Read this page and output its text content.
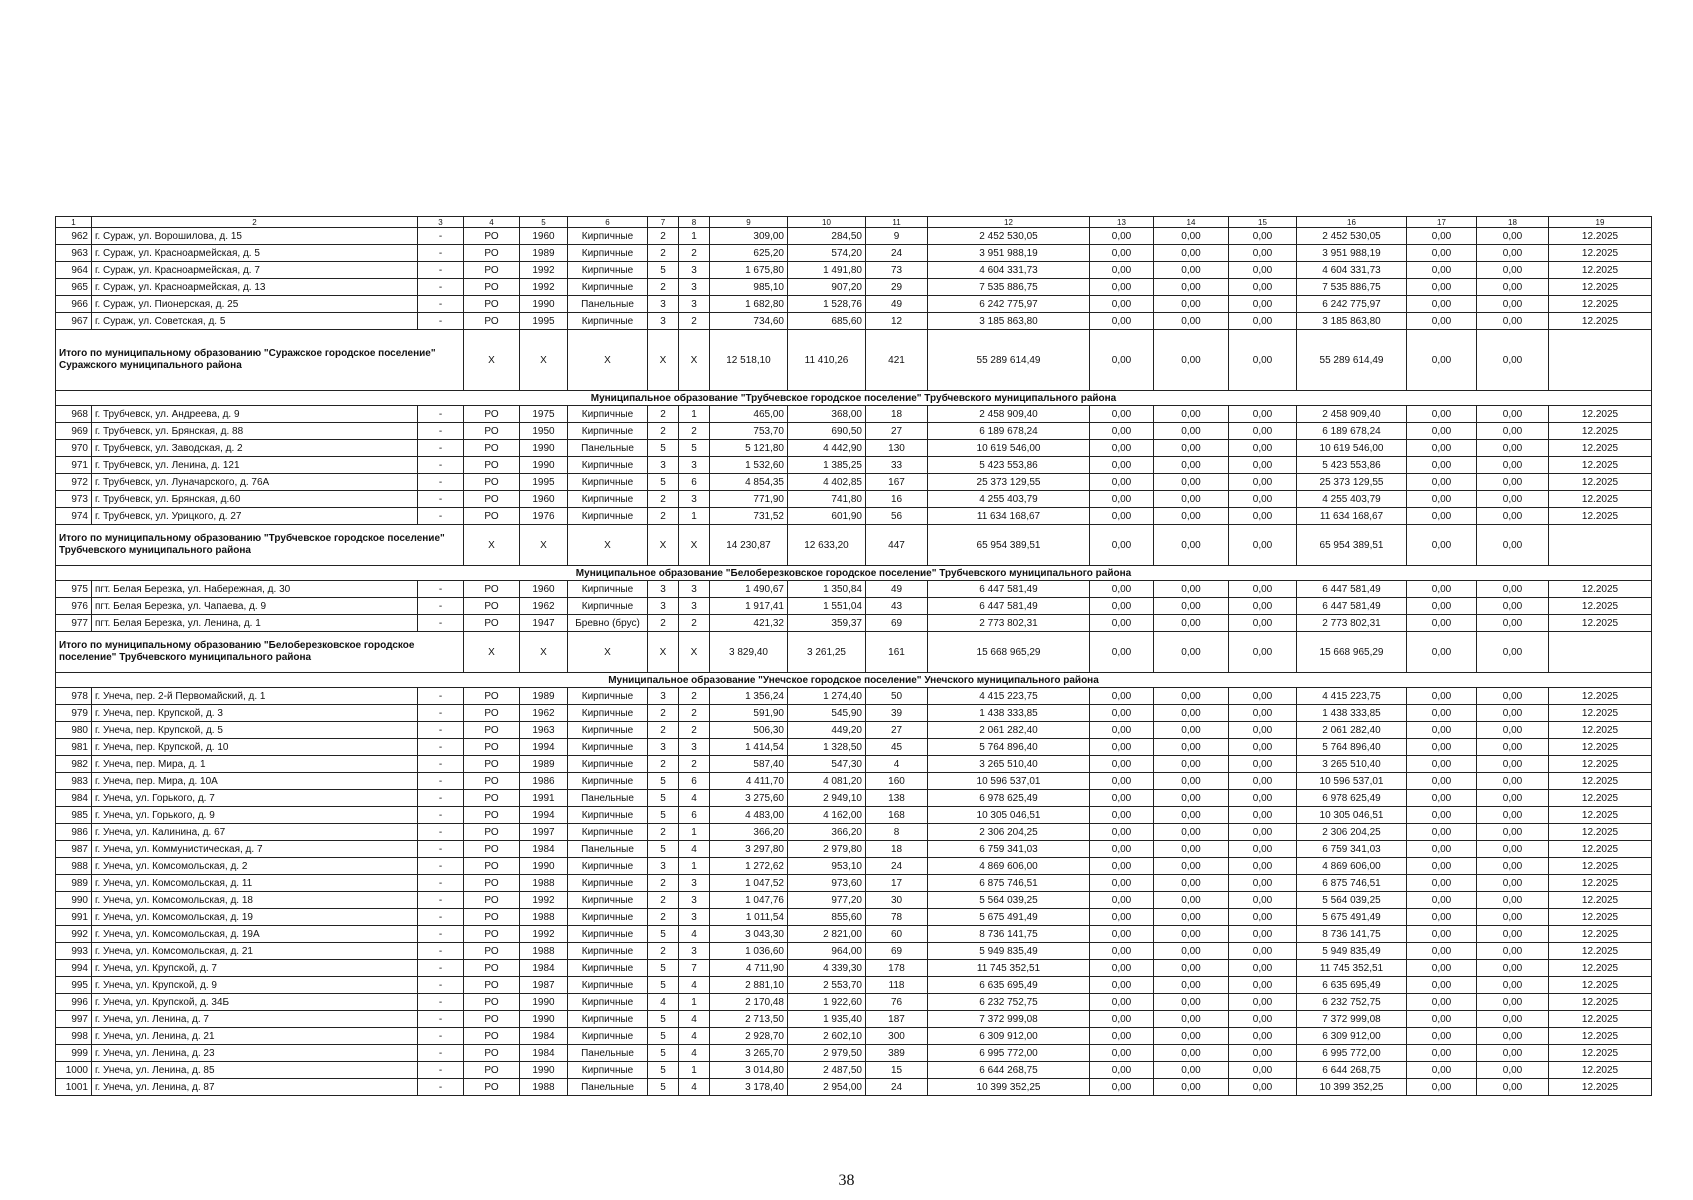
1	2	3	4	5	6	7	8	9	10	11	12	13	14	15	16	17	18	19
962	г. Сураж, ул. Ворошилова, д. 15	-	РО	1960	Кирпичные	2	1	309,00	284,50	9	2 452 530,05	0,00	0,00	0,00	2 452 530,05	0,00	0,00	12.2025
963	г. Сураж, ул. Красноармейская, д. 5	-	РО	1989	Кирпичные	2	2	625,20	574,20	24	3 951 988,19	0,00	0,00	0,00	3 951 988,19	0,00	0,00	12.2025
964	г. Сураж, ул. Красноармейская, д. 7	-	РО	1992	Кирпичные	5	3	1 675,80	1 491,80	73	4 604 331,73	0,00	0,00	0,00	4 604 331,73	0,00	0,00	12.2025
965	г. Сураж, ул. Красноармейская, д. 13	-	РО	1992	Кирпичные	2	3	985,10	907,20	29	7 535 886,75	0,00	0,00	0,00	7 535 886,75	0,00	0,00	12.2025
966	г. Сураж, ул. Пионерская, д. 25	-	РО	1990	Панельные	3	3	1 682,80	1 528,76	49	6 242 775,97	0,00	0,00	0,00	6 242 775,97	0,00	0,00	12.2025
967	г. Сураж, ул. Советская, д. 5	-	РО	1995	Кирпичные	3	2	734,60	685,60	12	3 185 863,80	0,00	0,00	0,00	3 185 863,80	0,00	0,00	12.2025
Итого по муниципальному образованию "Суражское городское поселение" Суражского муниципального района			X	X	X	X	X	12 518,10	11 410,26	421	55 289 614,49	0,00	0,00	0,00	55 289 614,49	0,00	0,00	
Муниципальное образование "Трубчевское городское поселение" Трубчевского муниципального района																		
968	г. Трубчевск, ул. Андреева, д. 9	-	РО	1975	Кирпичные	2	1	465,00	368,00	18	2 458 909,40	0,00	0,00	0,00	2 458 909,40	0,00	0,00	12.2025
969	г. Трубчевск, ул. Брянская, д. 88	-	РО	1950	Кирпичные	2	2	753,70	690,50	27	6 189 678,24	0,00	0,00	0,00	6 189 678,24	0,00	0,00	12.2025
970	г. Трубчевск, ул. Заводская, д. 2	-	РО	1990	Панельные	5	5	5 121,80	4 442,90	130	10 619 546,00	0,00	0,00	0,00	10 619 546,00	0,00	0,00	12.2025
971	г. Трубчевск, ул. Ленина, д. 121	-	РО	1990	Кирпичные	3	3	1 532,60	1 385,25	33	5 423 553,86	0,00	0,00	0,00	5 423 553,86	0,00	0,00	12.2025
972	г. Трубчевск, ул. Луначарского, д. 76А	-	РО	1995	Кирпичные	5	6	4 854,35	4 402,85	167	25 373 129,55	0,00	0,00	0,00	25 373 129,55	0,00	0,00	12.2025
973	г. Трубчевск, ул. Брянская, д.60	-	РО	1960	Кирпичные	2	3	771,90	741,80	16	4 255 403,79	0,00	0,00	0,00	4 255 403,79	0,00	0,00	12.2025
974	г. Трубчевск, ул. Урицкого, д. 27	-	РО	1976	Кирпичные	2	1	731,52	601,90	56	11 634 168,67	0,00	0,00	0,00	11 634 168,67	0,00	0,00	12.2025
Итого по муниципальному образованию "Трубчевское городское поселение" Трубчевского муниципального района			X	X	X	X	X	14 230,87	12 633,20	447	65 954 389,51	0,00	0,00	0,00	65 954 389,51	0,00	0,00	
Муниципальное образование "Белоберезковское городское поселение" Трубчевского муниципального района																		
975	пгт. Белая Березка, ул. Набережная, д. 30	-	РО	1960	Кирпичные	3	3	1 490,67	1 350,84	49	6 447 581,49	0,00	0,00	0,00	6 447 581,49	0,00	0,00	12.2025
976	пгт. Белая Березка, ул. Чапаева, д. 9	-	РО	1962	Кирпичные	3	3	1 917,41	1 551,04	43	6 447 581,49	0,00	0,00	0,00	6 447 581,49	0,00	0,00	12.2025
977	пгт. Белая Березка, ул. Ленина, д. 1	-	РО	1947	Бревно (брус)	2	2	421,32	359,37	69	2 773 802,31	0,00	0,00	0,00	2 773 802,31	0,00	0,00	12.2025
Итого по муниципальному образованию "Белоберезковское городское поселение" Трубчевского муниципального района			X	X	X	X	X	3 829,40	3 261,25	161	15 668 965,29	0,00	0,00	0,00	15 668 965,29	0,00	0,00	
Муниципальное образование "Унечское городское поселение" Унечского муниципального района																		
978	г. Унеча, пер. 2-й Первомайский, д. 1	-	РО	1989	Кирпичные	3	2	1 356,24	1 274,40	50	4 415 223,75	0,00	0,00	0,00	4 415 223,75	0,00	0,00	12.2025
979	г. Унеча, пер. Крупской, д. 3	-	РО	1962	Кирпичные	2	2	591,90	545,90	39	1 438 333,85	0,00	0,00	0,00	1 438 333,85	0,00	0,00	12.2025
980	г. Унеча, пер. Крупской, д. 5	-	РО	1963	Кирпичные	2	2	506,30	449,20	27	2 061 282,40	0,00	0,00	0,00	2 061 282,40	0,00	0,00	12.2025
981	г. Унеча, пер. Крупской, д. 10	-	РО	1994	Кирпичные	3	3	1 414,54	1 328,50	45	5 764 896,40	0,00	0,00	0,00	5 764 896,40	0,00	0,00	12.2025
982	г. Унеча, пер. Мира, д. 1	-	РО	1989	Кирпичные	2	2	587,40	547,30	4	3 265 510,40	0,00	0,00	0,00	3 265 510,40	0,00	0,00	12.2025
983	г. Унеча, пер. Мира, д. 10А	-	РО	1986	Кирпичные	5	6	4 411,70	4 081,20	160	10 596 537,01	0,00	0,00	0,00	10 596 537,01	0,00	0,00	12.2025
984	г. Унеча, ул. Горького, д. 7	-	РО	1991	Панельные	5	4	3 275,60	2 949,10	138	6 978 625,49	0,00	0,00	0,00	6 978 625,49	0,00	0,00	12.2025
985	г. Унеча, ул. Горького, д. 9	-	РО	1994	Кирпичные	5	6	4 483,00	4 162,00	168	10 305 046,51	0,00	0,00	0,00	10 305 046,51	0,00	0,00	12.2025
986	г. Унеча, ул. Калинина, д. 67	-	РО	1997	Кирпичные	2	1	366,20	366,20	8	2 306 204,25	0,00	0,00	0,00	2 306 204,25	0,00	0,00	12.2025
987	г. Унеча, ул. Коммунистическая, д. 7	-	РО	1984	Панельные	5	4	3 297,80	2 979,80	18	6 759 341,03	0,00	0,00	0,00	6 759 341,03	0,00	0,00	12.2025
988	г. Унеча, ул. Комсомольская, д. 2	-	РО	1990	Кирпичные	3	1	1 272,62	953,10	24	4 869 606,00	0,00	0,00	0,00	4 869 606,00	0,00	0,00	12.2025
989	г. Унеча, ул. Комсомольская, д. 11	-	РО	1988	Кирпичные	2	3	1 047,52	973,60	17	6 875 746,51	0,00	0,00	0,00	6 875 746,51	0,00	0,00	12.2025
990	г. Унеча, ул. Комсомольская, д. 18	-	РО	1992	Кирпичные	2	3	1 047,76	977,20	30	5 564 039,25	0,00	0,00	0,00	5 564 039,25	0,00	0,00	12.2025
991	г. Унеча, ул. Комсомольская, д. 19	-	РО	1988	Кирпичные	2	3	1 011,54	855,60	78	5 675 491,49	0,00	0,00	0,00	5 675 491,49	0,00	0,00	12.2025
992	г. Унеча, ул. Комсомольская, д. 19А	-	РО	1992	Кирпичные	5	4	3 043,30	2 821,00	60	8 736 141,75	0,00	0,00	0,00	8 736 141,75	0,00	0,00	12.2025
993	г. Унеча, ул. Комсомольская, д. 21	-	РО	1988	Кирпичные	2	3	1 036,60	964,00	69	5 949 835,49	0,00	0,00	0,00	5 949 835,49	0,00	0,00	12.2025
994	г. Унеча, ул. Крупской, д. 7	-	РО	1984	Кирпичные	5	7	4 711,90	4 339,30	178	11 745 352,51	0,00	0,00	0,00	11 745 352,51	0,00	0,00	12.2025
995	г. Унеча, ул. Крупской, д. 9	-	РО	1987	Кирпичные	5	4	2 881,10	2 553,70	118	6 635 695,49	0,00	0,00	0,00	6 635 695,49	0,00	0,00	12.2025
996	г. Унеча, ул. Крупской, д. 34Б	-	РО	1990	Кирпичные	4	1	2 170,48	1 922,60	76	6 232 752,75	0,00	0,00	0,00	6 232 752,75	0,00	0,00	12.2025
997	г. Унеча, ул. Ленина, д. 7	-	РО	1990	Кирпичные	5	4	2 713,50	1 935,40	187	7 372 999,08	0,00	0,00	0,00	7 372 999,08	0,00	0,00	12.2025
998	г. Унеча, ул. Ленина, д. 21	-	РО	1984	Кирпичные	5	4	2 928,70	2 602,10	300	6 309 912,00	0,00	0,00	0,00	6 309 912,00	0,00	0,00	12.2025
999	г. Унеча, ул. Ленина, д. 23	-	РО	1984	Панельные	5	4	3 265,70	2 979,50	389	6 995 772,00	0,00	0,00	0,00	6 995 772,00	0,00	0,00	12.2025
1000	г. Унеча, ул. Ленина, д. 85	-	РО	1990	Кирпичные	5	1	3 014,80	2 487,50	15	6 644 268,75	0,00	0,00	0,00	6 644 268,75	0,00	0,00	12.2025
1001	г. Унеча, ул. Ленина, д. 87	-	РО	1988	Панельные	5	4	3 178,40	2 954,00	24	10 399 352,25	0,00	0,00	0,00	10 399 352,25	0,00	0,00	12.2025
38
